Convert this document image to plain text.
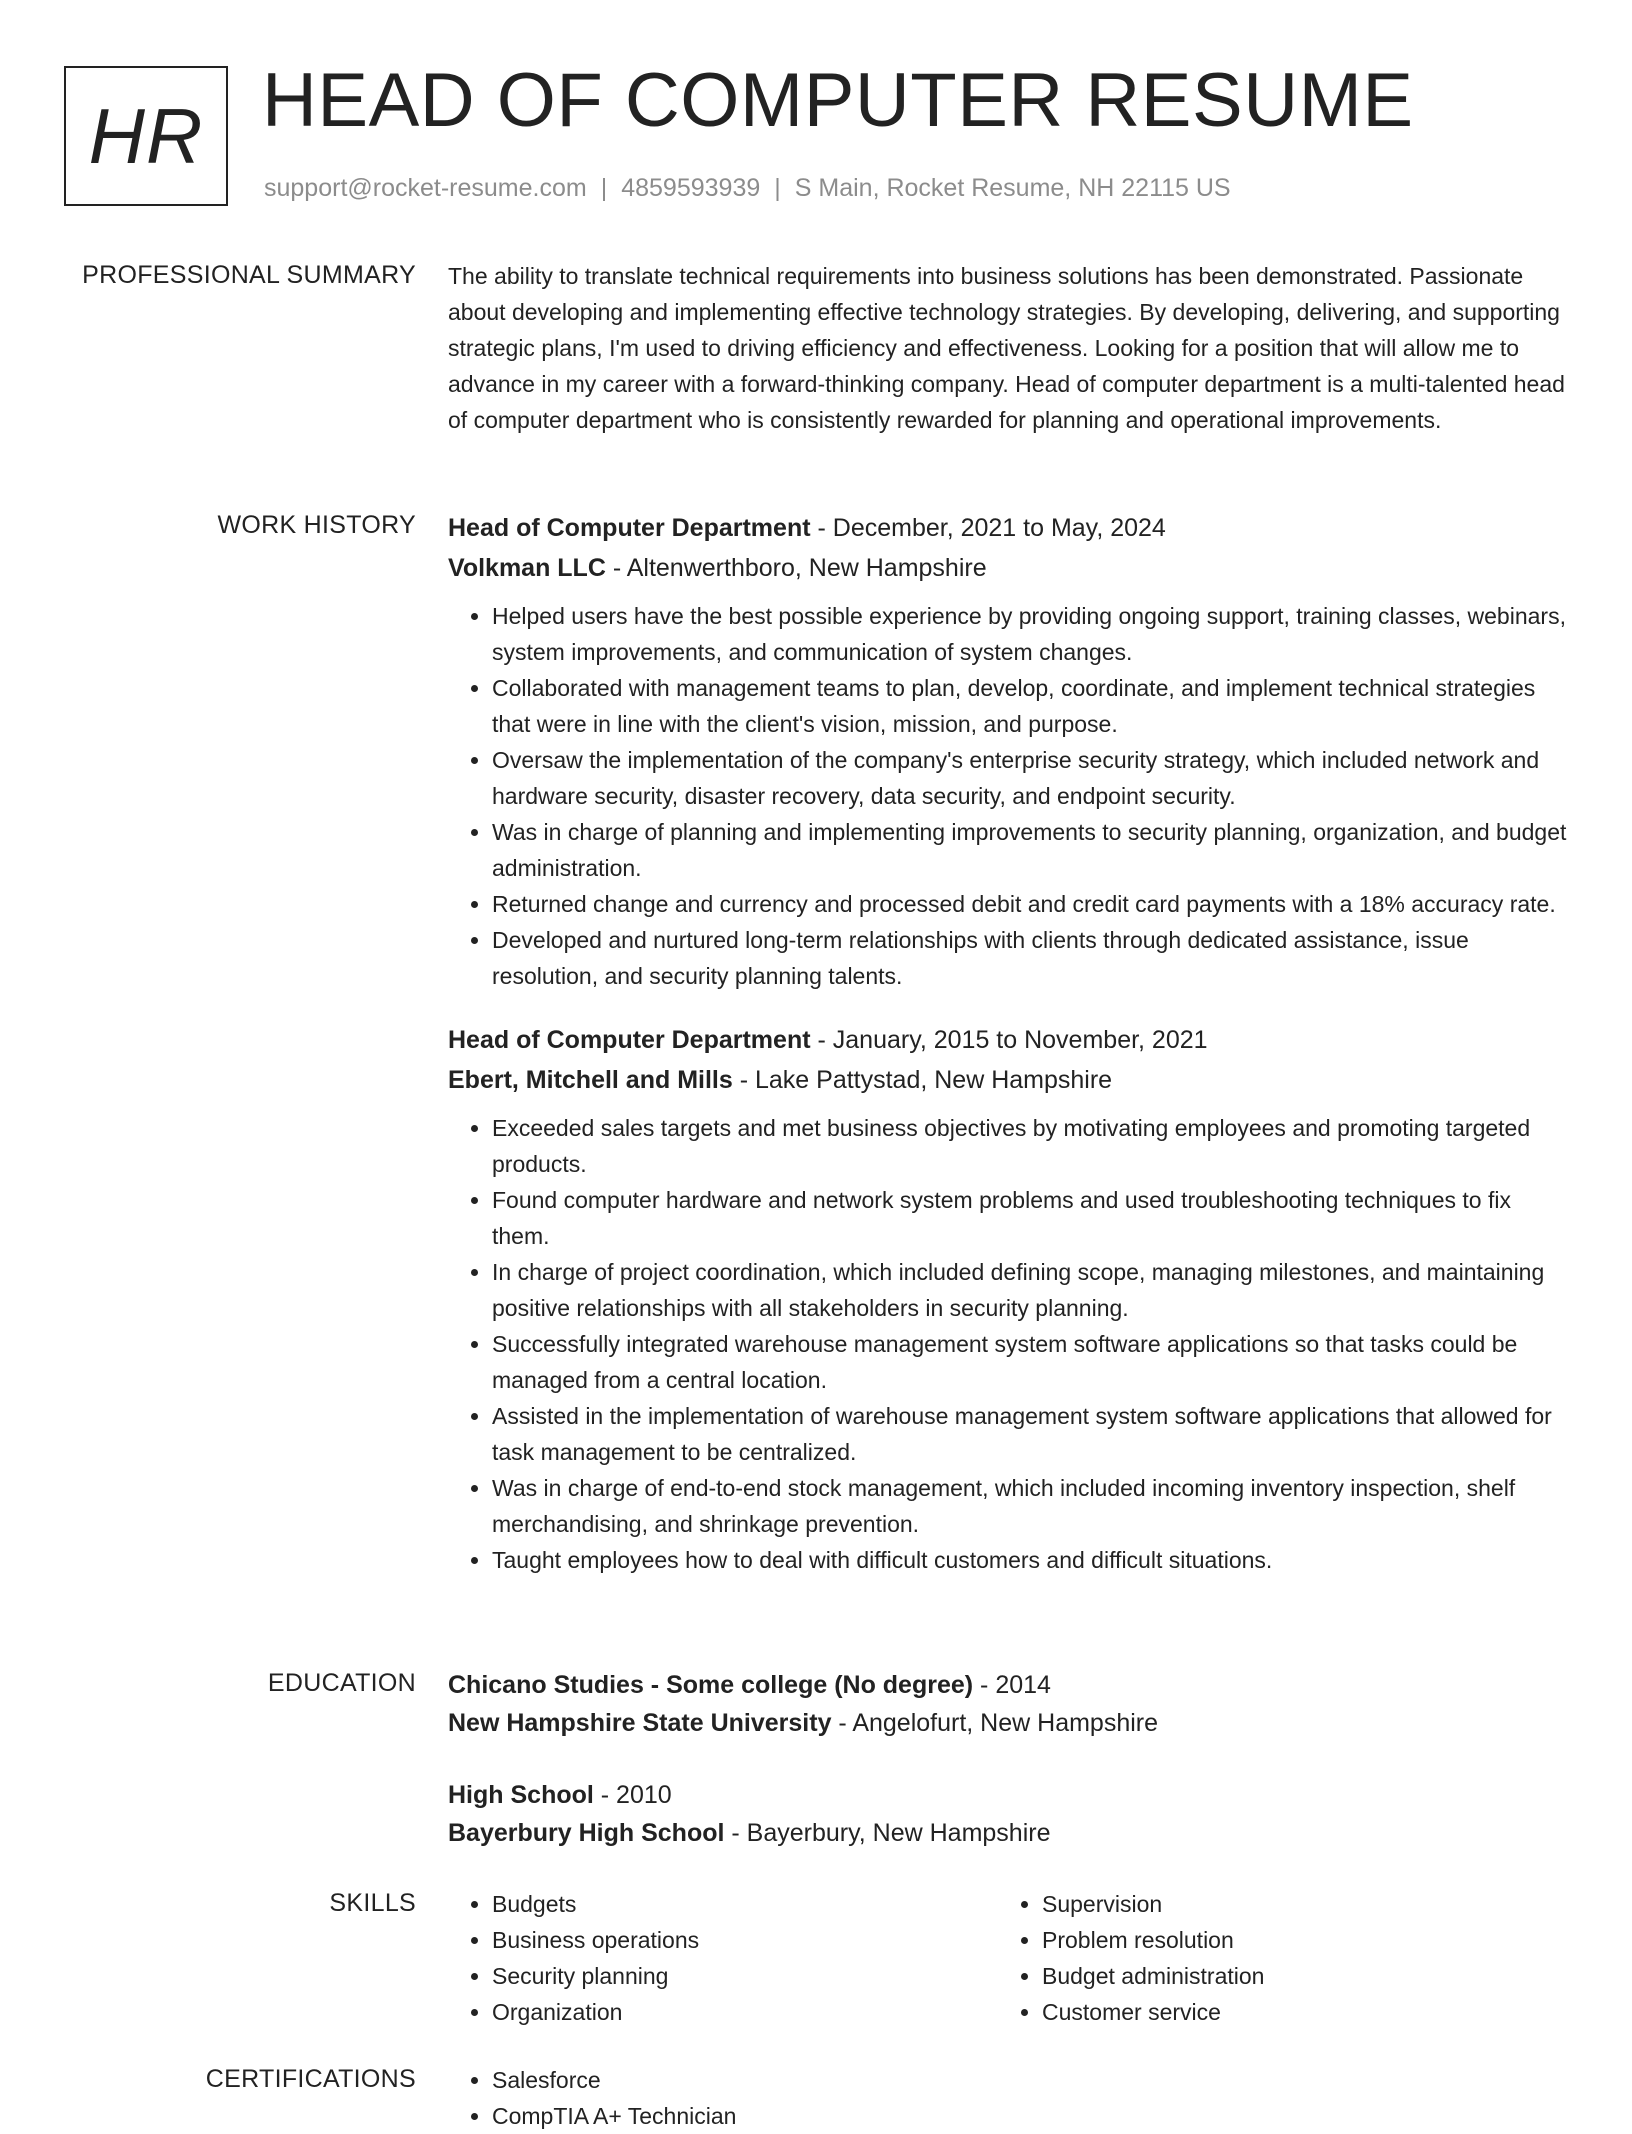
HR HEAD OF COMPUTER RESUME
support@rocket-resume.com | 4859593939 | S Main, Rocket Resume, NH 22115 US
PROFESSIONAL SUMMARY The ability to translate technical requirements into business solutions has been demonstrated. Passionate about developing and implementing effective technology strategies. By developing, delivering, and supporting strategic plans, I'm used to driving efficiency and effectiveness. Looking for a position that will allow me to advance in my career with a forward-thinking company. Head of computer department is a multi-talented head of computer department who is consistently rewarded for planning and operational improvements.

WORK HISTORY Head of Computer Department - December, 2021 to May, 2024
Volkman LLC - Altenwerthboro, New Hampshire
• Helped users have the best possible experience by providing ongoing support, training classes, webinars, system improvements, and communication of system changes.
• Collaborated with management teams to plan, develop, coordinate, and implement technical strategies that were in line with the client's vision, mission, and purpose.
• Oversaw the implementation of the company's enterprise security strategy, which included network and hardware security, disaster recovery, data security, and endpoint security.
• Was in charge of planning and implementing improvements to security planning, organization, and budget administration.
• Returned change and currency and processed debit and credit card payments with a 18% accuracy rate.
• Developed and nurtured long-term relationships with clients through dedicated assistance, issue resolution, and security planning talents.
Head of Computer Department - January, 2015 to November, 2021
Ebert, Mitchell and Mills - Lake Pattystad, New Hampshire
• Exceeded sales targets and met business objectives by motivating employees and promoting targeted products.
• Found computer hardware and network system problems and used troubleshooting techniques to fix them.
• In charge of project coordination, which included defining scope, managing milestones, and maintaining positive relationships with all stakeholders in security planning.
• Successfully integrated warehouse management system software applications so that tasks could be managed from a central location.
• Assisted in the implementation of warehouse management system software applications that allowed for task management to be centralized.
• Was in charge of end-to-end stock management, which included incoming inventory inspection, shelf merchandising, and shrinkage prevention.
• Taught employees how to deal with difficult customers and difficult situations.
EDUCATION Chicano Studies - Some college (No degree) - 2014
New Hampshire State University - Angelofurt, New Hampshire
High School - 2010
Bayerbury High School - Bayerbury, New Hampshire
SKILLS	• Budgets
• Business operations
• Security planning
• Organization
• Supervision
• Problem resolution
• Budget administration
• Customer service
CERTIFICATIONS	• Salesforce
• CompTIA A+ Technician
